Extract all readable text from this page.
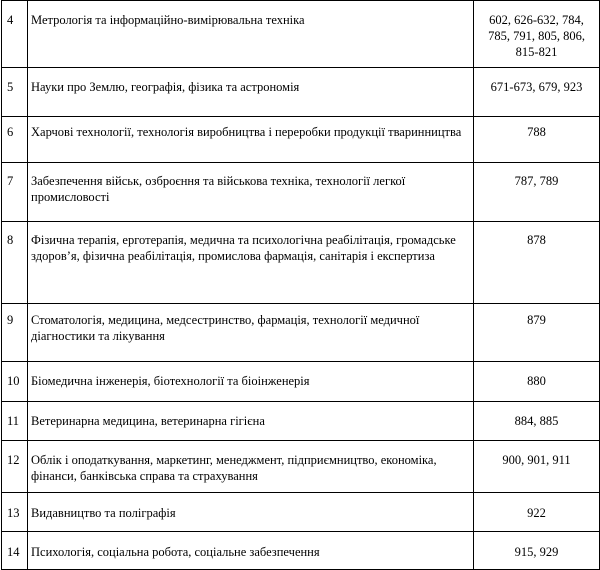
4	Метрологія та інформаційно-вимірювальна техніка	602, 626-632, 784, 785, 791, 805, 806, 815-821
5	Науки про Землю, географія, фізика та астрономія	671-673, 679, 923
6	Харчові технології, технологія виробництва і переробки продукції тваринництва	788
7	Забезпечення військ, озброєння та військова техніка, технології легкої промисловості	787, 789
8	Фізична терапія, ерготерапія, медична та психологічна реабілітація, громадське здоров’я, фізична реабілітація, промислова фармація, санітарія і експертиза	878
9	Стоматологія, медицина, медсестринство, фармація, технології медичної діагностики та лікування	879
10	Біомедична інженерія, біотехнології та біоінженерія	880
11	Ветеринарна медицина, ветеринарна гігієна	884, 885
12	Облік і оподаткування, маркетинг, менеджмент, підприємництво, економіка, фінанси, банківська справа та страхування	900, 901, 911
13	Видавництво та поліграфія	922
14	Психологія, соціальна робота, соціальне забезпечення	915, 929
